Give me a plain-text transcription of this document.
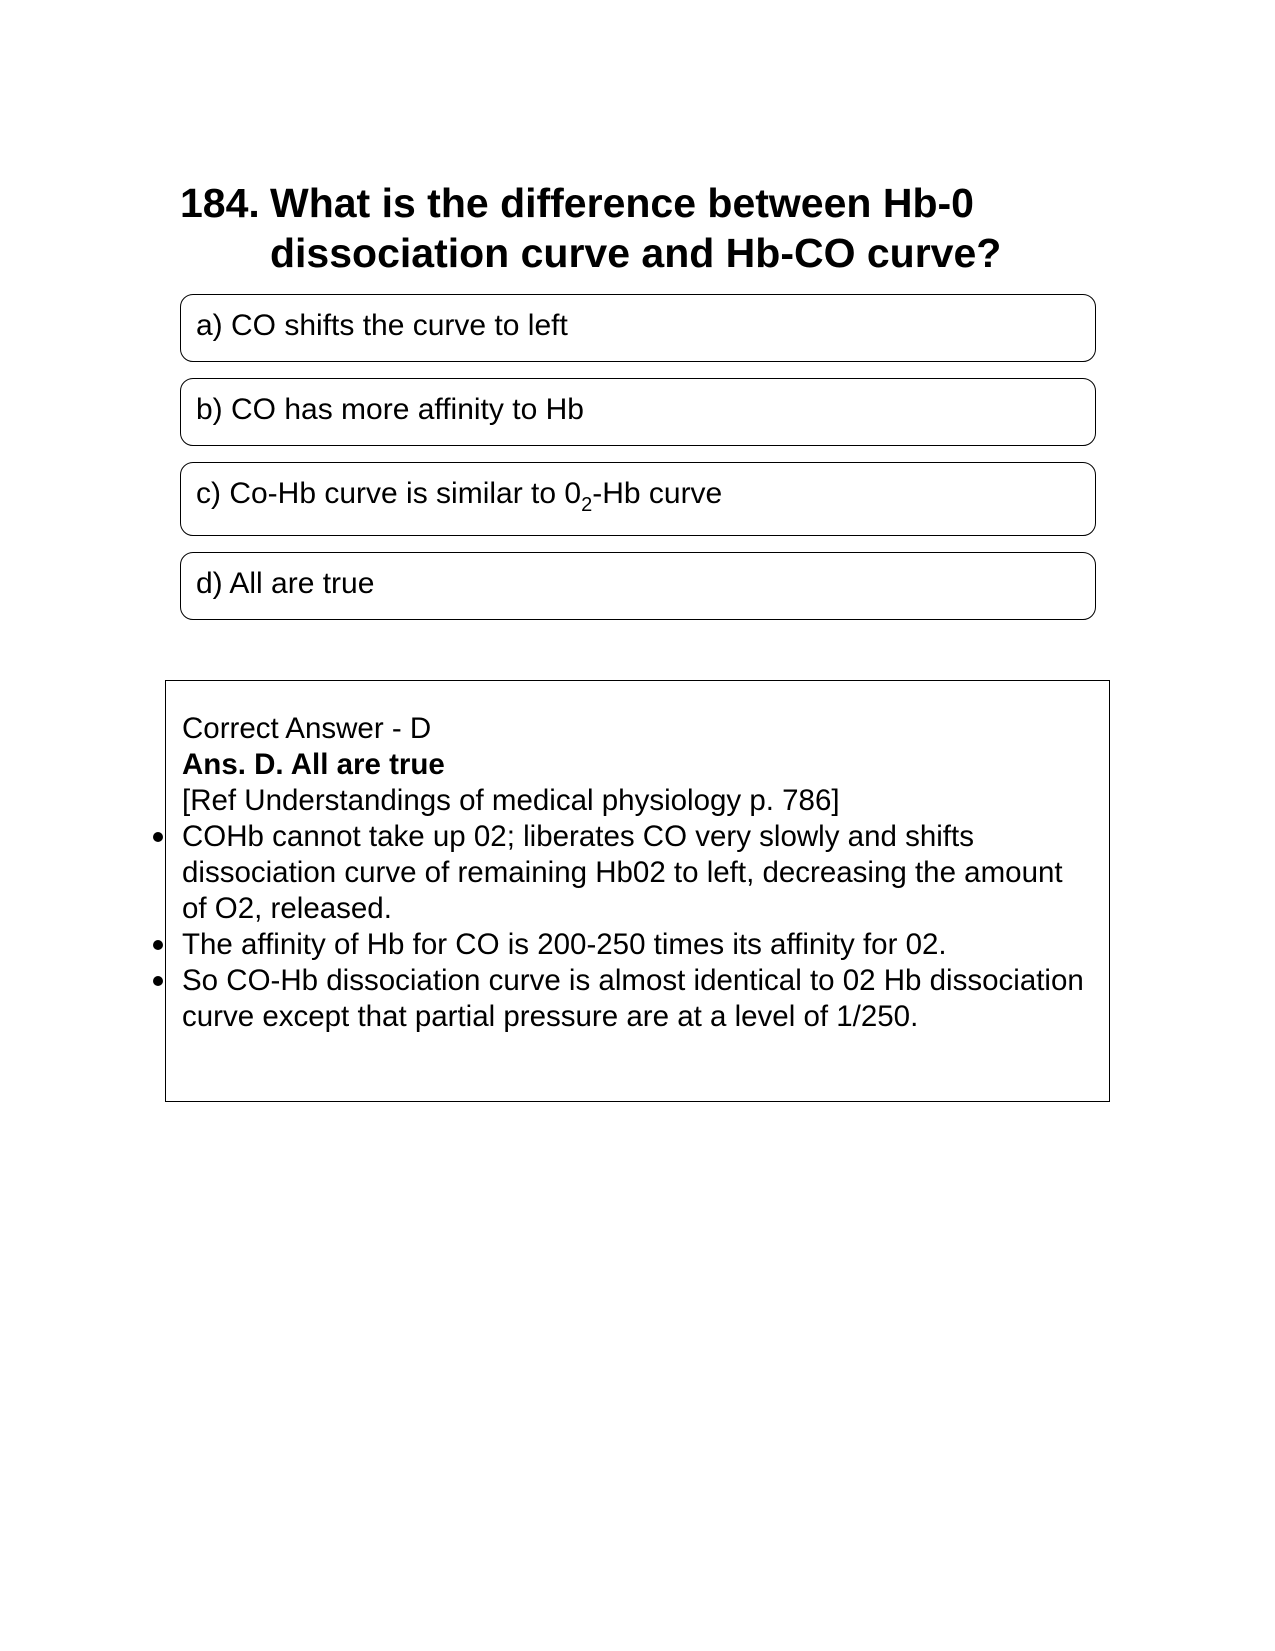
184. What is the difference between Hb-0 dissociation curve and Hb-CO curve?
a) CO shifts the curve to left
b) CO has more affinity to Hb
c) Co-Hb curve is similar to $0_2-Hb$ curve
d) All are true

Correct Answer - D

Ans. D. All are true

[Ref Understandings of medical physiology p. 786]

COHb cannot take up 02; liberates CO very slowly and shifts dissociation curve of remaining Hb02 to left, decreasing the amount of O2, released.
The affinity of Hb for CO is 200-250 times its affinity for 02.
So CO-Hb dissociation curve is almost identical to 02 Hb dissociation curve except that partial pressure are at a level of 1/250.
